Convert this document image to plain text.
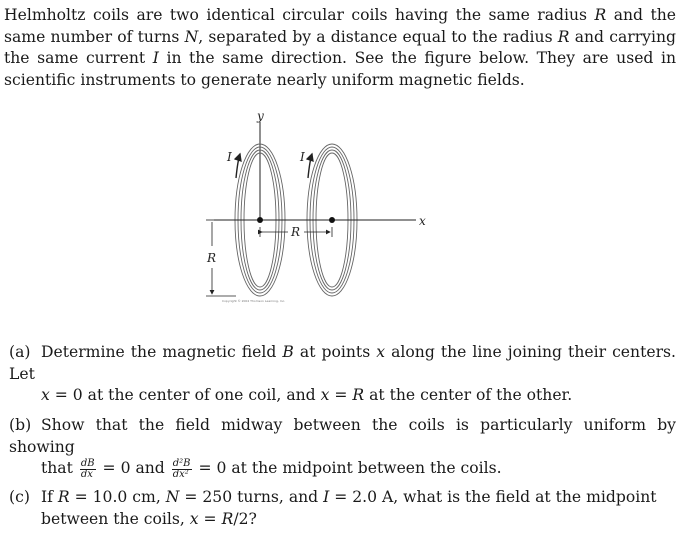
Helmholtz coils are two identical circular coils having the same radius R and the same number of turns N, separated by a distance equal to the radius R and carrying the same current I in the same direction. See the figure below. They are used in scientific instruments to generate nearly uniform magnetic fields.
y
x
I	I
R
R
Copyright © 2004 Thomson Learning, Inc.
(a) Determine the magnetic field B at points x along the line joining their centers. Let
x = 0 at the center of one coil, and x = R at the center of the other.
(b) Show that the field midway between the coils is particularly uniform by showing
that $\frac{dB}{dx} = 0$ and $\frac{\text{d²B}}{\text{dx²}} = 0$ at the midpoint between the coils.
(c) If R = 10.0 cm, N = 250 turns, and I = 2.0 A, what is the field at the midpoint
between the coils, x = R/2?
